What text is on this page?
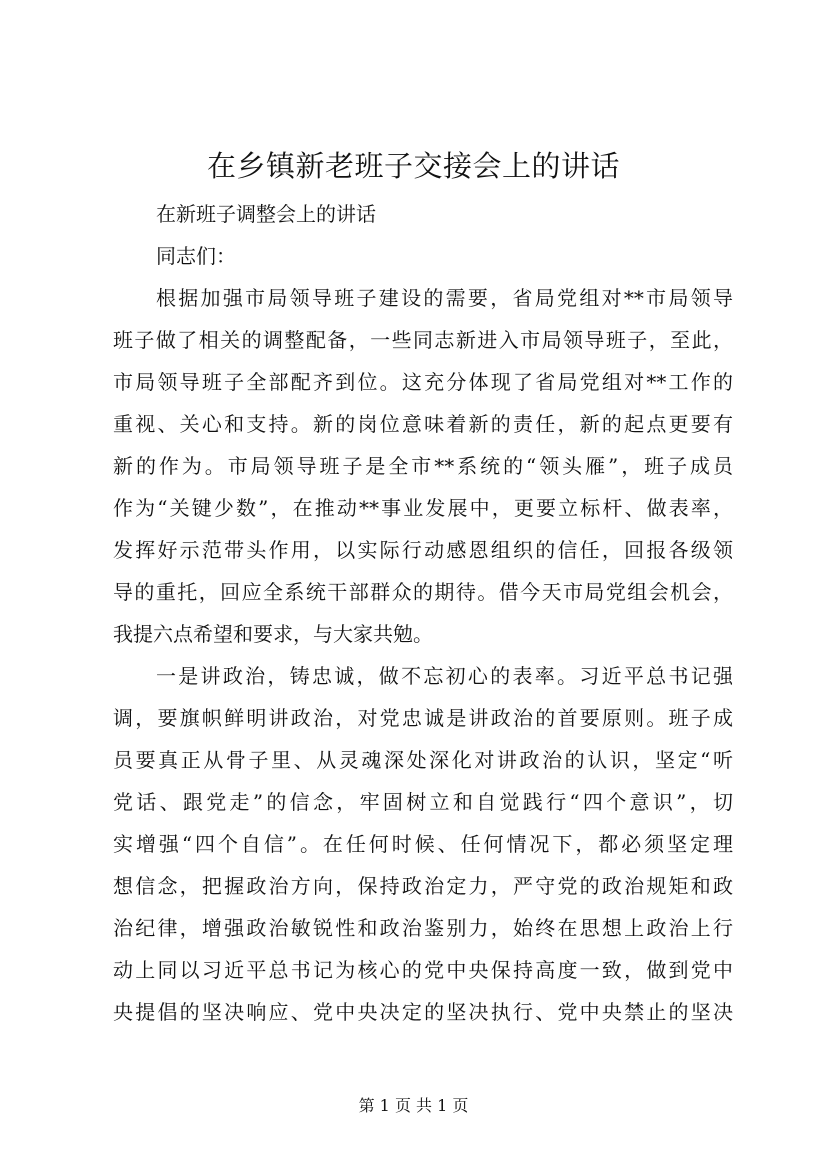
在乡镇新老班子交接会上的讲话
在新班子调整会上的讲话
同志们：
根据加强市局领导班子建设的需要，省局党组对**市局领导
班子做了相关的调整配备，一些同志新进入市局领导班子，至此，
市局领导班子全部配齐到位。这充分体现了省局党组对**工作的
重视、关心和支持。新的岗位意味着新的责任，新的起点更要有
新的作为。市局领导班子是全市**系统的“领头雁”，班子成员
作为“关键少数”，在推动**事业发展中，更要立标杆、做表率，
发挥好示范带头作用，以实际行动感恩组织的信任，回报各级领
导的重托，回应全系统干部群众的期待。借今天市局党组会机会，
我提六点希望和要求，与大家共勉。
一是讲政治，铸忠诚，做不忘初心的表率。习近平总书记强
调，要旗帜鲜明讲政治，对党忠诚是讲政治的首要原则。班子成
员要真正从骨子里、从灵魂深处深化对讲政治的认识，坚定“听
党话、跟党走”的信念，牢固树立和自觉践行“四个意识”，切
实增强“四个自信”。在任何时候、任何情况下，都必须坚定理
想信念，把握政治方向，保持政治定力，严守党的政治规矩和政
治纪律，增强政治敏锐性和政治鉴别力，始终在思想上政治上行
动上同以习近平总书记为核心的党中央保持高度一致，做到党中
央提倡的坚决响应、党中央决定的坚决执行、党中央禁止的坚决
第 1 页 共 1 页
